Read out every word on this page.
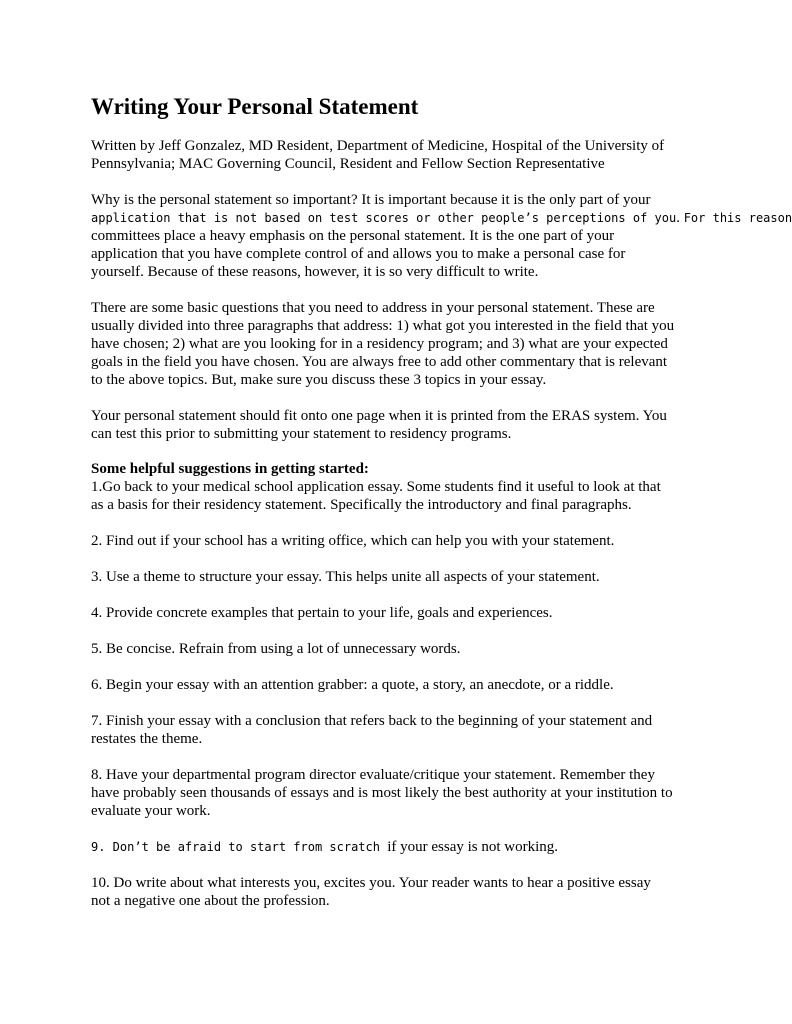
Writing Your Personal Statement

Written by Jeff Gonzalez, MD Resident, Department of Medicine, Hospital of the University of
Pennsylvania; MAC Governing Council, Resident and Fellow Section Representative

Why is the personal statement so important? It is important because it is the only part of your
application that is not based on test scores or other people’s perceptions of you. For this reason
committees place a heavy emphasis on the personal statement. It is the one part of your
application that you have complete control of and allows you to make a personal case for
yourself. Because of these reasons, however, it is so very difficult to write.

There are some basic questions that you need to address in your personal statement. These are
usually divided into three paragraphs that address: 1) what got you interested in the field that you
have chosen; 2) what are you looking for in a residency program; and 3) what are your expected
goals in the field you have chosen. You are always free to add other commentary that is relevant
to the above topics. But, make sure you discuss these 3 topics in your essay.

Your personal statement should fit onto one page when it is printed from the ERAS system. You
can test this prior to submitting your statement to residency programs.

Some helpful suggestions in getting started:
1.Go back to your medical school application essay. Some students find it useful to look at that
as a basis for their residency statement. Specifically the introductory and final paragraphs.

2. Find out if your school has a writing office, which can help you with your statement.

3. Use a theme to structure your essay. This helps unite all aspects of your statement.

4. Provide concrete examples that pertain to your life, goals and experiences.

5. Be concise. Refrain from using a lot of unnecessary words.

6. Begin your essay with an attention grabber: a quote, a story, an anecdote, or a riddle.

7. Finish your essay with a conclusion that refers back to the beginning of your statement and
restates the theme.

8. Have your departmental program director evaluate/critique your statement. Remember they
have probably seen thousands of essays and is most likely the best authority at your institution to
evaluate your work.

9. Don’t be afraid to start from scratch if your essay is not working.

10. Do write about what interests you, excites you. Your reader wants to hear a positive essay
not a negative one about the profession.
